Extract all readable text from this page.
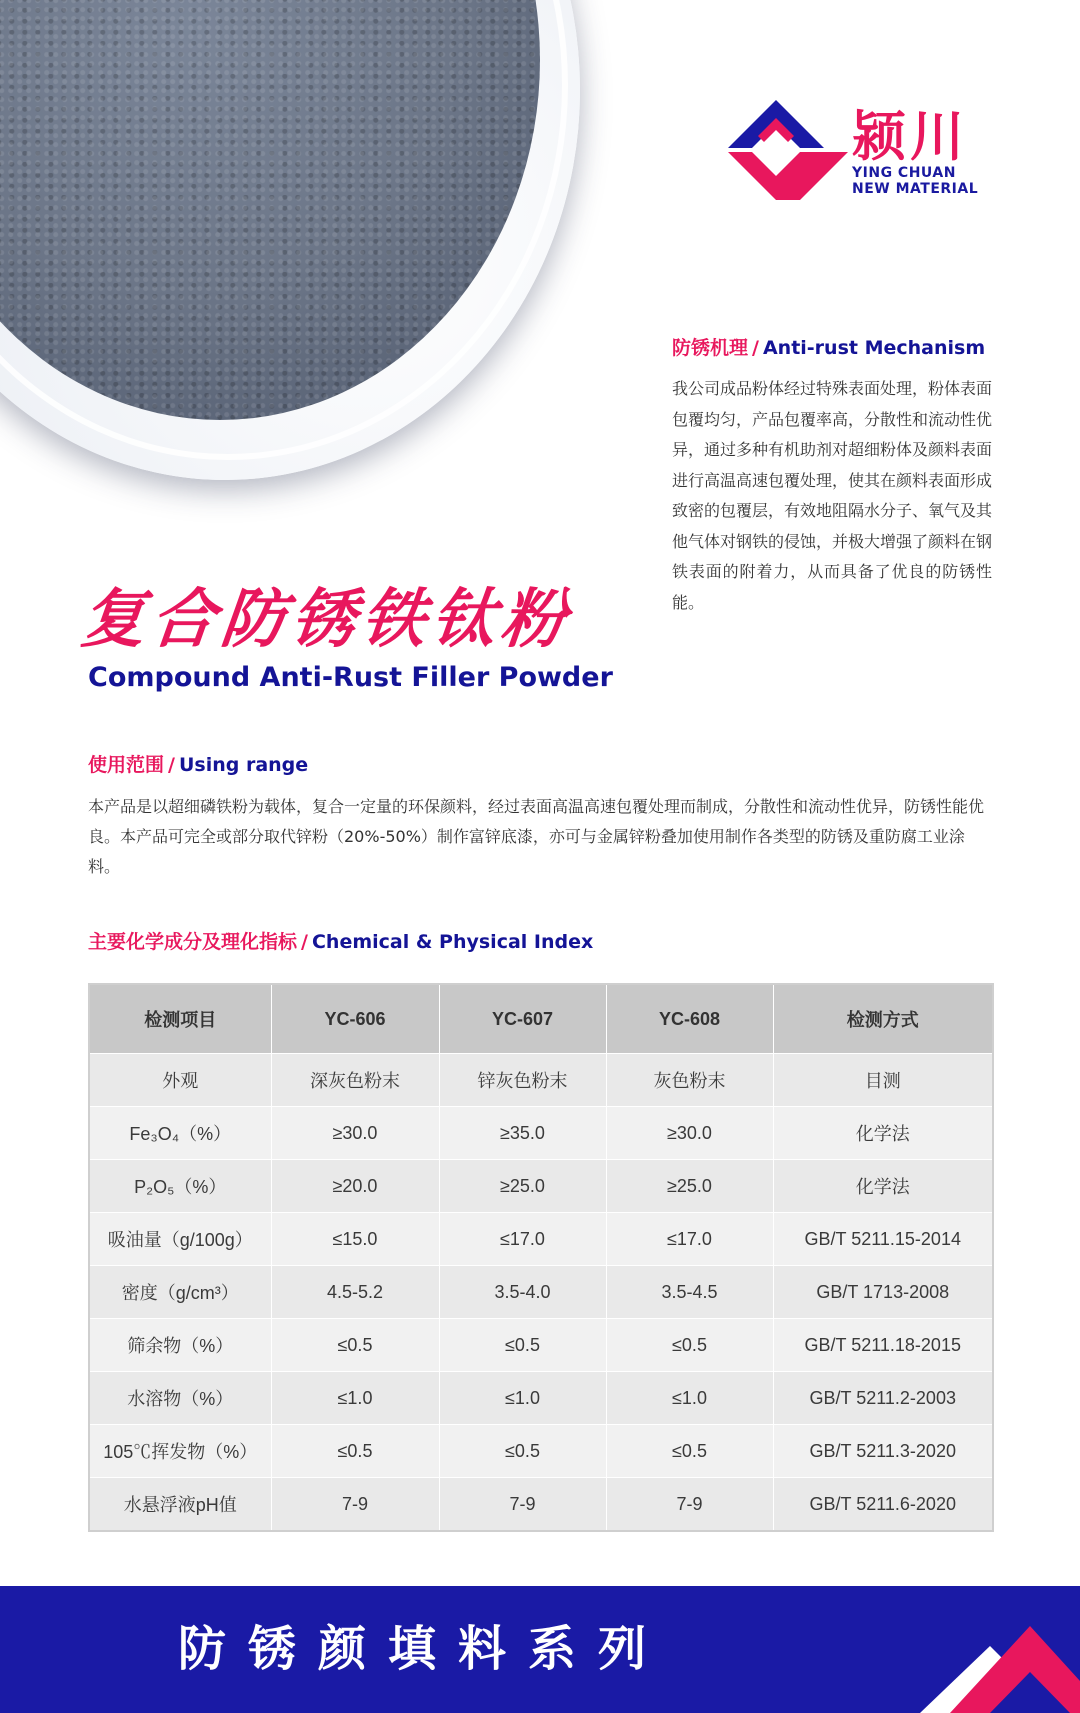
颍川
YING CHUAN
NEW MATERIAL
防锈机理 / Anti-rust Mechanism
我公司成品粉体经过特殊表面处理，粉体表面包覆均匀，产品包覆率高，分散性和流动性优异，通过多种有机助剂对超细粉体及颜料表面进行高温高速包覆处理，使其在颜料表面形成致密的包覆层，有效地阻隔水分子、氧气及其他气体对钢铁的侵蚀，并极大增强了颜料在钢铁表面的附着力，从而具备了优良的防锈性能。
复合防锈铁钛粉
Compound Anti-Rust Filler Powder
使用范围 / Using range
本产品是以超细磷铁粉为载体，复合一定量的环保颜料，经过表面高温高速包覆处理而制成，分散性和流动性优异，防锈性能优良。本产品可完全或部分取代锌粉（20%-50%）制作富锌底漆，亦可与金属锌粉叠加使用制作各类型的防锈及重防腐工业涂料。
主要化学成分及理化指标 / Chemical & Physical Index
检测项目	YC-606	YC-607	YC-608	检测方式
外观	深灰色粉末	锌灰色粉末	灰色粉末	目测
Fe₃O₄（%）	≥30.0	≥35.0	≥30.0	化学法
P₂O₅（%）	≥20.0	≥25.0	≥25.0	化学法
吸油量（g/100g）	≤15.0	≤17.0	≤17.0	GB/T 5211.15-2014
密度（g/cm³）	4.5-5.2	3.5-4.0	3.5-4.5	GB/T 1713-2008
筛余物（%）	≤0.5	≤0.5	≤0.5	GB/T 5211.18-2015
水溶物（%）	≤1.0	≤1.0	≤1.0	GB/T 5211.2-2003
105℃挥发物（%）	≤0.5	≤0.5	≤0.5	GB/T 5211.3-2020
水悬浮液pH值	7-9	7-9	7-9	GB/T 5211.6-2020
防锈颜填料系列
